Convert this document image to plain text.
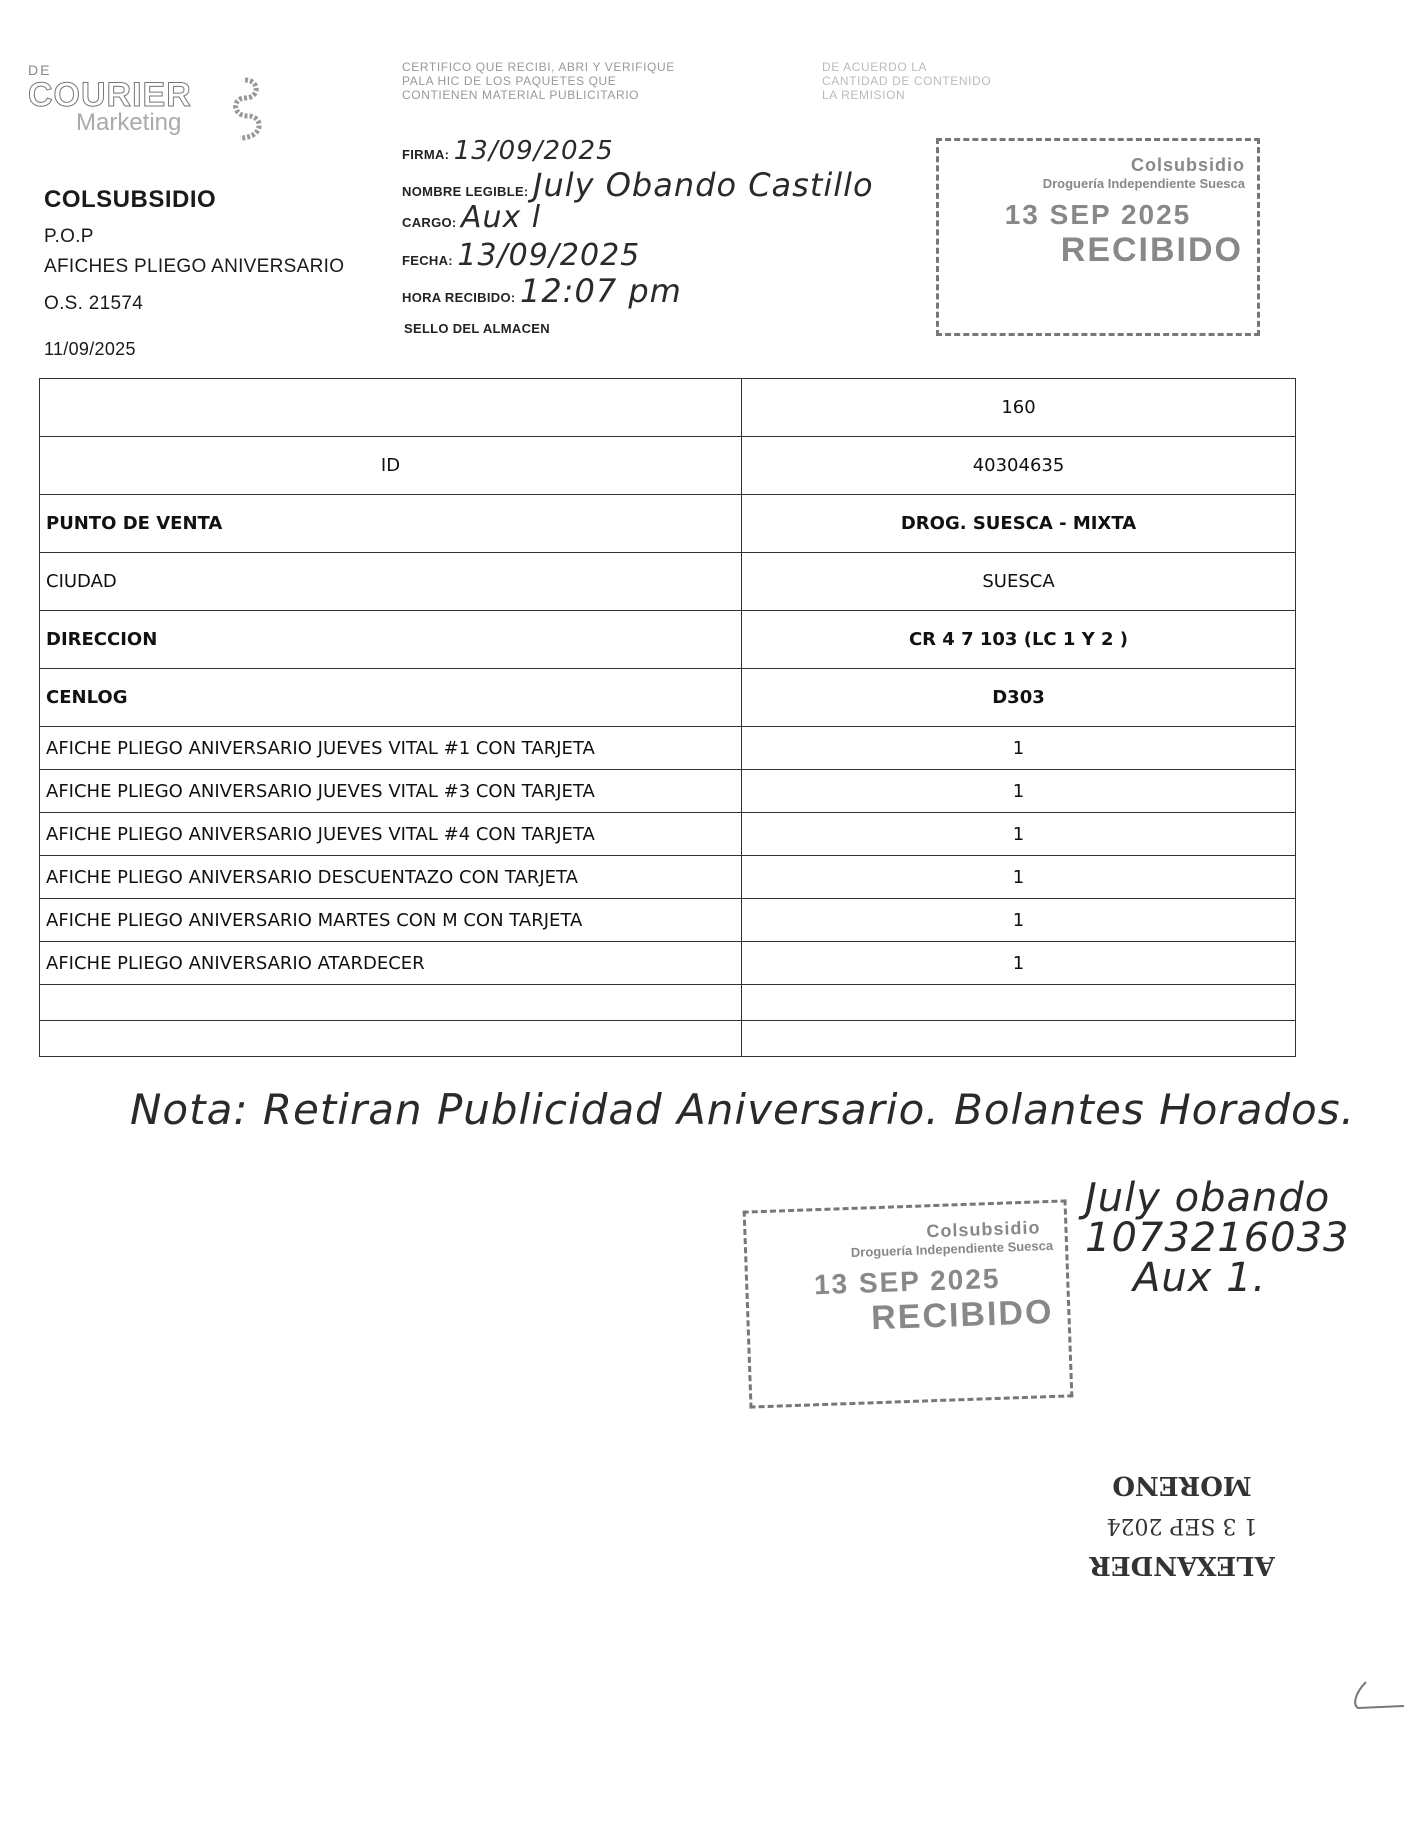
DE
COURIER
Marketing
COLSUBSIDIO
P.O.P
AFICHES PLIEGO ANIVERSARIO
O.S. 21574
11/09/2025
CERTIFICO QUE RECIBI, ABRI Y VERIFIQUE
PALA HIC DE LOS PAQUETES QUE
CONTIENEN MATERIAL PUBLICITARIO
DE ACUERDO LA
CANTIDAD DE CONTENIDO
LA REMISION
FIRMA: 13/09/2025
NOMBRE LEGIBLE: July Obando Castillo
CARGO: Aux l
FECHA: 13/09/2025
HORA RECIBIDO: 12:07 pm
SELLO DEL ALMACEN
Colsubsidio
Droguería Independiente Suesca
13 SEP 2025
RECIBIDO
	160
ID	40304635
PUNTO DE VENTA	DROG. SUESCA - MIXTA
CIUDAD	SUESCA
DIRECCION	CR 4 7 103 (LC 1 Y 2 )
CENLOG	D303
AFICHE PLIEGO ANIVERSARIO JUEVES VITAL #1 CON TARJETA	1
AFICHE PLIEGO ANIVERSARIO JUEVES VITAL #3 CON TARJETA	1
AFICHE PLIEGO ANIVERSARIO JUEVES VITAL #4 CON TARJETA	1
AFICHE PLIEGO ANIVERSARIO DESCUENTAZO CON TARJETA	1
AFICHE PLIEGO ANIVERSARIO MARTES CON M CON TARJETA	1
AFICHE PLIEGO ANIVERSARIO ATARDECER	1

Nota: Retiran Publicidad Aniversario. Bolantes Horados.
Colsubsidio
Droguería Independiente Suesca
13 SEP 2025
RECIBIDO
July obando
1073216033
Aux 1.
ALEXANDER
1 3 SEP 2024
MORENO
